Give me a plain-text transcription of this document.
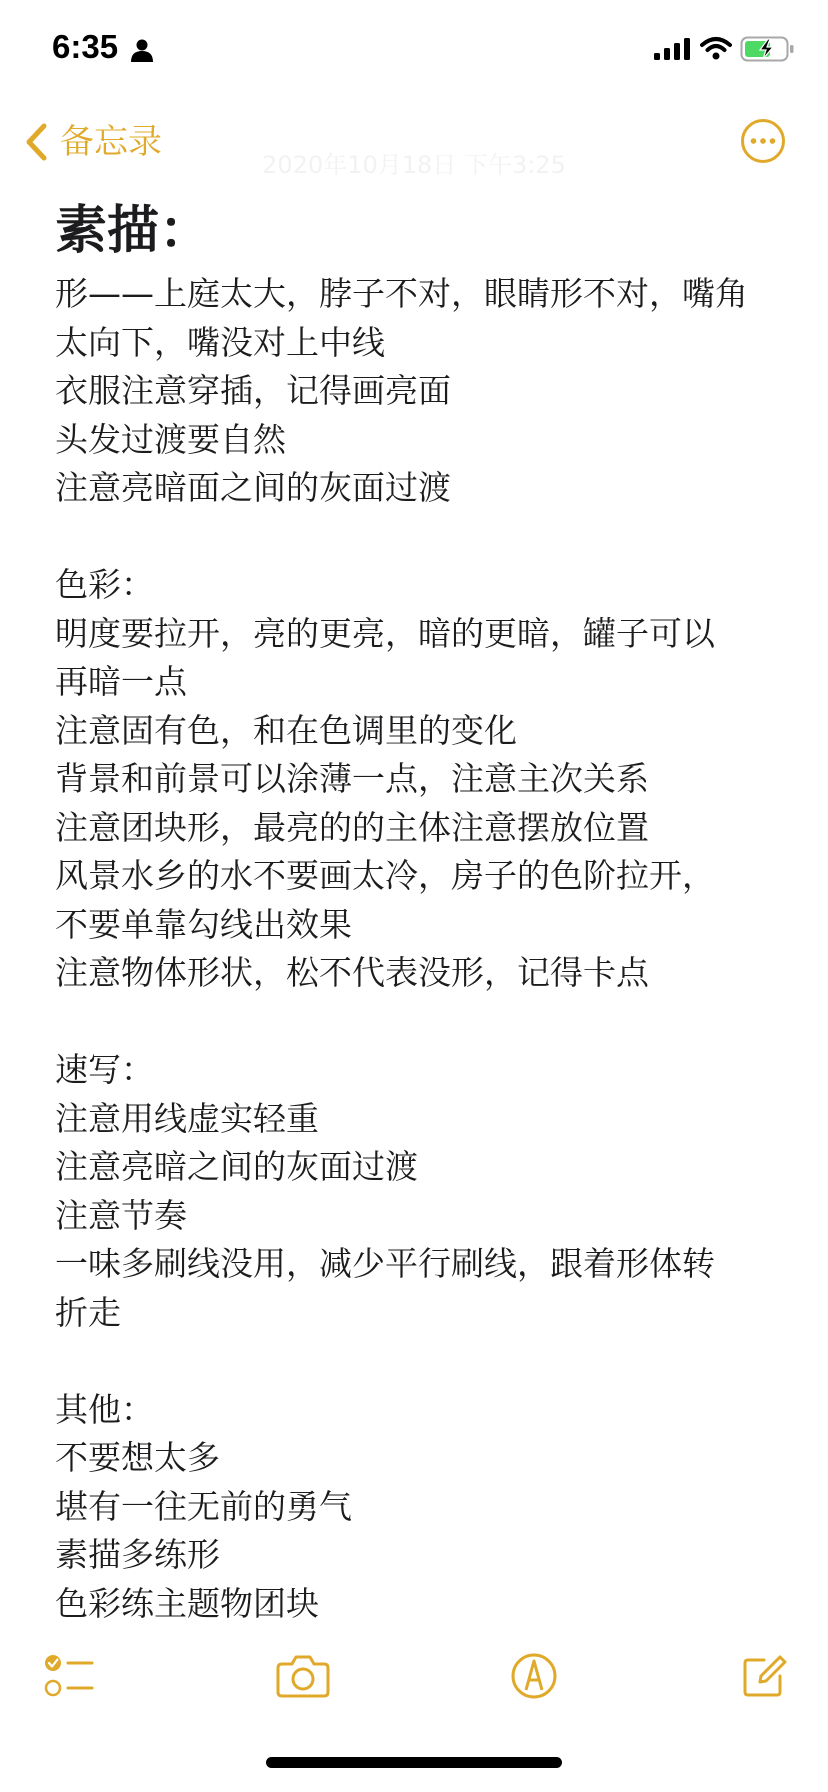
6:35
备忘录
2020年10月18日 下午3:25
素描：
形——上庭太大，脖子不对，眼睛形不对，嘴角
太向下，嘴没对上中线
衣服注意穿插，记得画亮面
头发过渡要自然
注意亮暗面之间的灰面过渡
色彩：
明度要拉开，亮的更亮，暗的更暗，罐子可以
再暗一点
注意固有色，和在色调里的变化
背景和前景可以涂薄一点，注意主次关系
注意团块形，最亮的的主体注意摆放位置
风景水乡的水不要画太冷，房子的色阶拉开，
不要单靠勾线出效果
注意物体形状，松不代表没形，记得卡点
速写：
注意用线虚实轻重
注意亮暗之间的灰面过渡
注意节奏
一味多刷线没用，减少平行刷线，跟着形体转
折走
其他：
不要想太多
堪有一往无前的勇气
素描多练形
色彩练主题物团块
